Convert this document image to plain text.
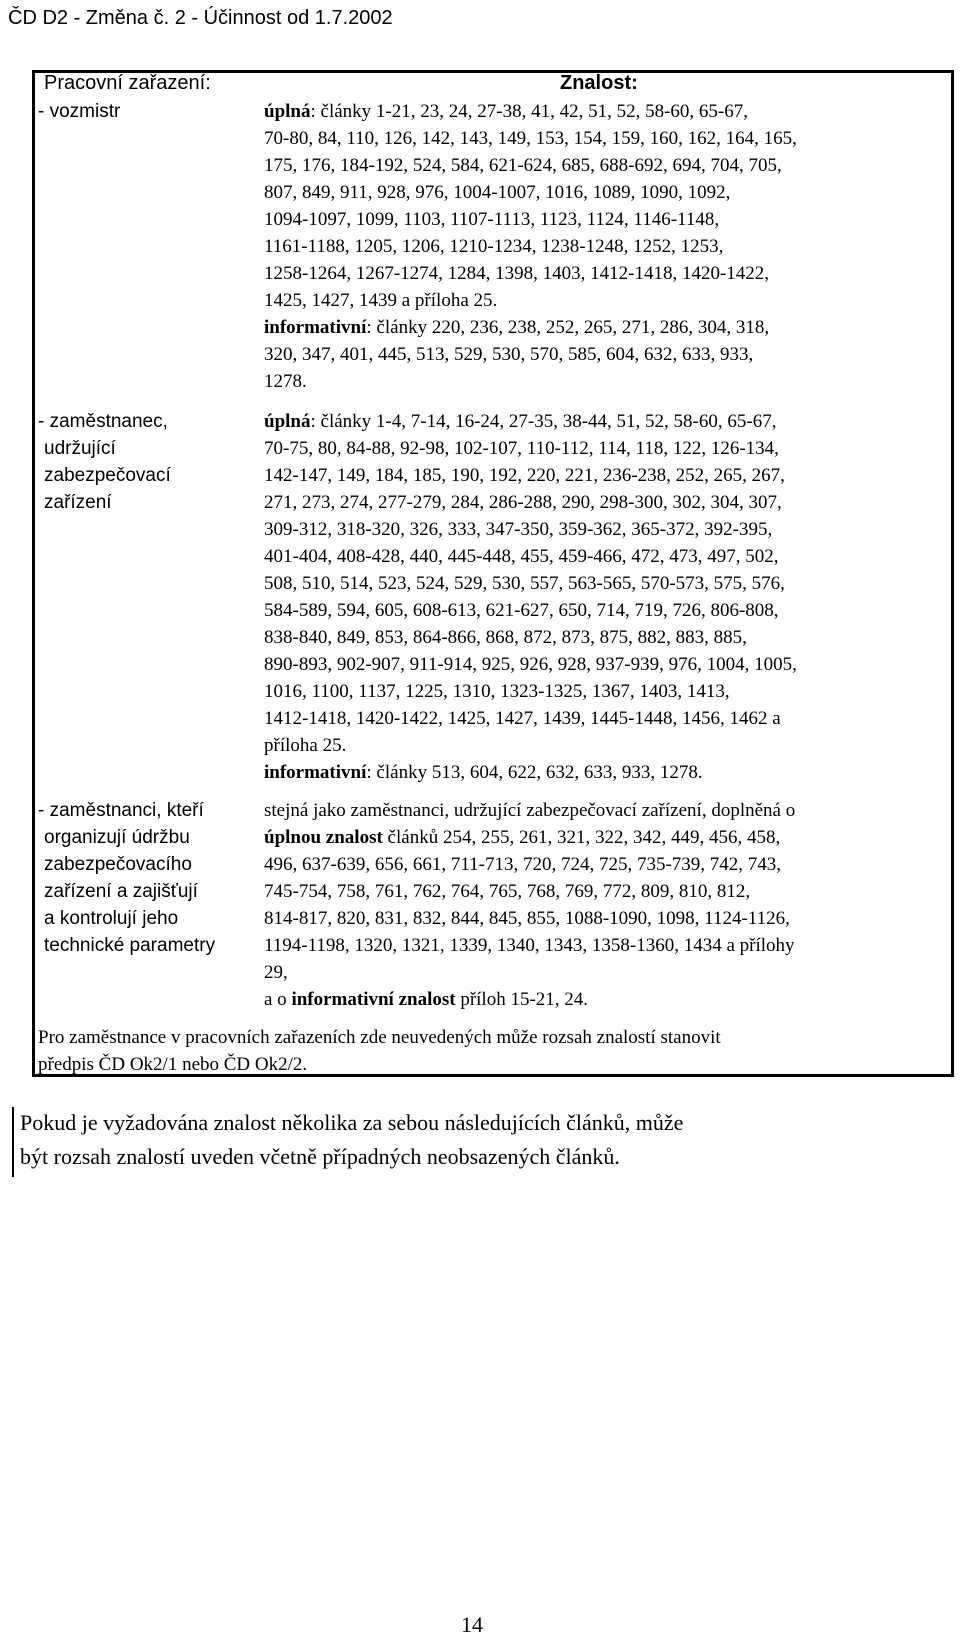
ČD D2 - Změna č. 2 - Účinnost od 1.7.2002
Pracovní zařazení:	Znalost:
- vozmistr	úplná: články 1-21, 23, 24, 27-38, 41, 42, 51, 52, 58-60, 65-67,
70-80, 84, 110, 126, 142, 143, 149, 153, 154, 159, 160, 162, 164, 165,
175, 176, 184-192, 524, 584, 621-624, 685, 688-692, 694, 704, 705,
807, 849, 911, 928, 976, 1004-1007, 1016, 1089, 1090, 1092,
1094-1097, 1099, 1103, 1107-1113, 1123, 1124, 1146-1148,
1161-1188, 1205, 1206, 1210-1234, 1238-1248, 1252, 1253,
1258-1264, 1267-1274, 1284, 1398, 1403, 1412-1418, 1420-1422,
1425, 1427, 1439 a příloha 25.
informativní: články 220, 236, 238, 252, 265, 271, 286, 304, 318,
320, 347, 401, 445, 513, 529, 530, 570, 585, 604, 632, 633, 933,
1278.
- zaměstnanec,
udržující
zabezpečovací
zařízení
úplná: články 1-4, 7-14, 16-24, 27-35, 38-44, 51, 52, 58-60, 65-67,
70-75, 80, 84-88, 92-98, 102-107, 110-112, 114, 118, 122, 126-134,
142-147, 149, 184, 185, 190, 192, 220, 221, 236-238, 252, 265, 267,
271, 273, 274, 277-279, 284, 286-288, 290, 298-300, 302, 304, 307,
309-312, 318-320, 326, 333, 347-350, 359-362, 365-372, 392-395,
401-404, 408-428, 440, 445-448, 455, 459-466, 472, 473, 497, 502,
508, 510, 514, 523, 524, 529, 530, 557, 563-565, 570-573, 575, 576,
584-589, 594, 605, 608-613, 621-627, 650, 714, 719, 726, 806-808,
838-840, 849, 853, 864-866, 868, 872, 873, 875, 882, 883, 885,
890-893, 902-907, 911-914, 925, 926, 928, 937-939, 976, 1004, 1005,
1016, 1100, 1137, 1225, 1310, 1323-1325, 1367, 1403, 1413,
1412-1418, 1420-1422, 1425, 1427, 1439, 1445-1448, 1456, 1462 a
příloha 25.
informativní: články 513, 604, 622, 632, 633, 933, 1278.
- zaměstnanci, kteří
organizují údržbu
zabezpečovacího
zařízení a zajišťují
a kontrolují jeho
technické parametry
stejná jako zaměstnanci, udržující zabezpečovací zařízení, doplněná o
úplnou znalost článků 254, 255, 261, 321, 322, 342, 449, 456, 458,
496, 637-639, 656, 661, 711-713, 720, 724, 725, 735-739, 742, 743,
745-754, 758, 761, 762, 764, 765, 768, 769, 772, 809, 810, 812,
814-817, 820, 831, 832, 844, 845, 855, 1088-1090, 1098, 1124-1126,
1194-1198, 1320, 1321, 1339, 1340, 1343, 1358-1360, 1434 a přílohy
29,
a o informativní znalost příloh 15-21, 24.
Pro zaměstnance v pracovních zařazeních zde neuvedených může rozsah znalostí stanovit
předpis ČD Ok2/1 nebo ČD Ok2/2.
Pokud je vyžadována znalost několika za sebou následujících článků, může
být rozsah znalostí uveden včetně případných neobsazených článků.
14
